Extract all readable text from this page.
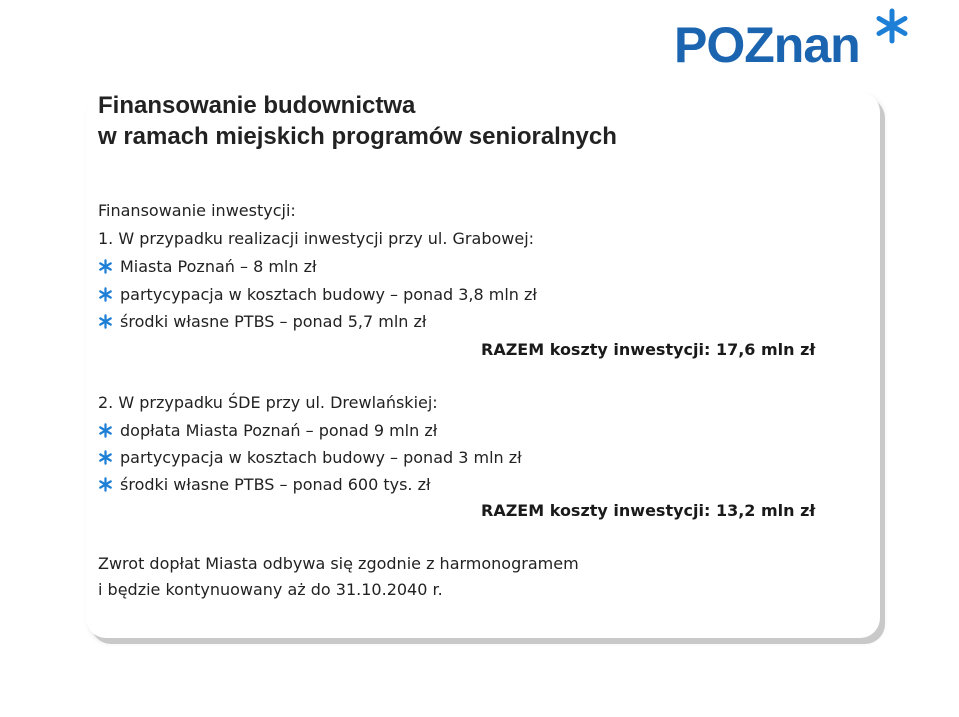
POZnan
Finansowanie budownictwa
w ramach miejskich programów senioralnych
Finansowanie inwestycji:
1. W przypadku realizacji inwestycji przy ul. Grabowej:
Miasta Poznań – 8 mln zł
partycypacja w kosztach budowy – ponad 3,8 mln zł
środki własne PTBS – ponad 5,7 mln zł
RAZEM koszty inwestycji: 17,6 mln zł
2. W przypadku ŚDE przy ul. Drewlańskiej:
dopłata Miasta Poznań – ponad 9 mln zł
partycypacja w kosztach budowy – ponad 3 mln zł
środki własne PTBS – ponad 600 tys. zł
RAZEM koszty inwestycji: 13,2 mln zł
Zwrot dopłat Miasta odbywa się zgodnie z harmonogramem
i będzie kontynuowany aż do 31.10.2040 r.
